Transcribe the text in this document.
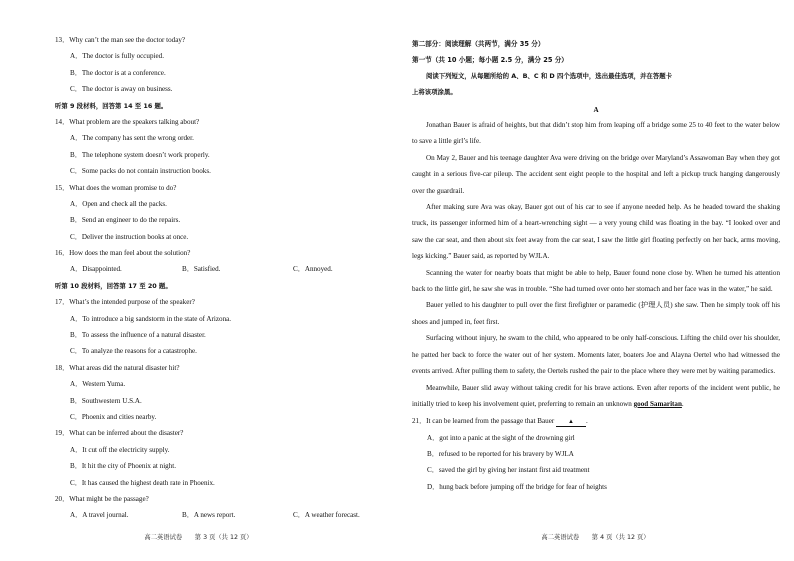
13．Why can’t the man see the doctor today?
A．The doctor is fully occupied.
B．The doctor is at a conference.
C．The doctor is away on business.
听第 9 段材料，回答第 14 至 16 题。
14．What problem are the speakers talking about?
A．The company has sent the wrong order.
B．The telephone system doesn’t work properly.
C．Some packs do not contain instruction books.
15．What does the woman promise to do?
A．Open and check all the packs.
B．Send an engineer to do the repairs.
C．Deliver the instruction books at once.
16．How does the man feel about the solution?
A．Disappointed.	B．Satisfied.	C．Annoyed.
听第 10 段材料，回答第 17 至 20 题。
17．What’s the intended purpose of the speaker?
A．To introduce a big sandstorm in the state of Arizona.
B．To assess the influence of a natural disaster.
C．To analyze the reasons for a catastrophe.
18．What areas did the natural disaster hit?
A．Western Yuma.
B．Southwestern U.S.A.
C．Phoenix and cities nearby.
19．What can be inferred about the disaster?
A．It cut off the electricity supply.
B．It hit the city of Phoenix at night.
C．It has caused the highest death rate in Phoenix.
20．What might be the passage?
A．A travel journal.	B．A news report.	C．A weather forecast.
高二英语试卷　　第 3 页（共 12 页）
第二部分：阅读理解（共两节，满分 35 分）
第一节（共 10 小题；每小题 2.5 分，满分 25 分）
阅读下列短文，从每题所给的 A、B、C 和 D 四个选项中，选出最佳选项，并在答题卡
上将该项涂黑。
A

Jonathan Bauer is afraid of heights, but that didn’t stop him from leaping off a bridge some 25 to 40 feet to the water below to save a little girl’s life.

On May 2, Bauer and his teenage daughter Ava were driving on the bridge over Maryland’s Assawoman Bay when they got caught in a serious five-car pileup. The accident sent eight people to the hospital and left a pickup truck hanging dangerously over the guardrail.

After making sure Ava was okay, Bauer got out of his car to see if anyone needed help. As he headed toward the shaking truck, its passenger informed him of a heart-wrenching sight — a very young child was floating in the bay. “I looked over and saw the car seat, and then about six feet away from the car seat, I saw the little girl floating perfectly on her back, arms moving, legs kicking.” Bauer said, as reported by WJLA.

Scanning the water for nearby boats that might be able to help, Bauer found none close by. When he turned his attention back to the little girl, he saw she was in trouble. “She had turned over onto her stomach and her face was in the water,” he said.

Bauer yelled to his daughter to pull over the first firefighter or paramedic (护理人员) she saw. Then he simply took off his shoes and jumped in, feet first.

Surfacing without injury, he swam to the child, who appeared to be only half-conscious. Lifting the child over his shoulder, he patted her back to force the water out of her system. Moments later, boaters Joe and Alayna Oertel who had witnessed the events arrived. After pulling them to safety, the Oertels rushed the pair to the place where they were met by waiting paramedics.

Meanwhile, Bauer slid away without taking credit for his brave actions. Even after reports of the incident went public, he initially tried to keep his involvement quiet, preferring to remain an unknown good Samaritan.

21．It can be learned from the passage that Bauer ▲ .
A．got into a panic at the sight of the drowning girl
B．refused to be reported for his bravery by WJLA
C．saved the girl by giving her instant first aid treatment
D．hung back before jumping off the bridge for fear of heights
高二英语试卷　　第 4 页（共 12 页）
